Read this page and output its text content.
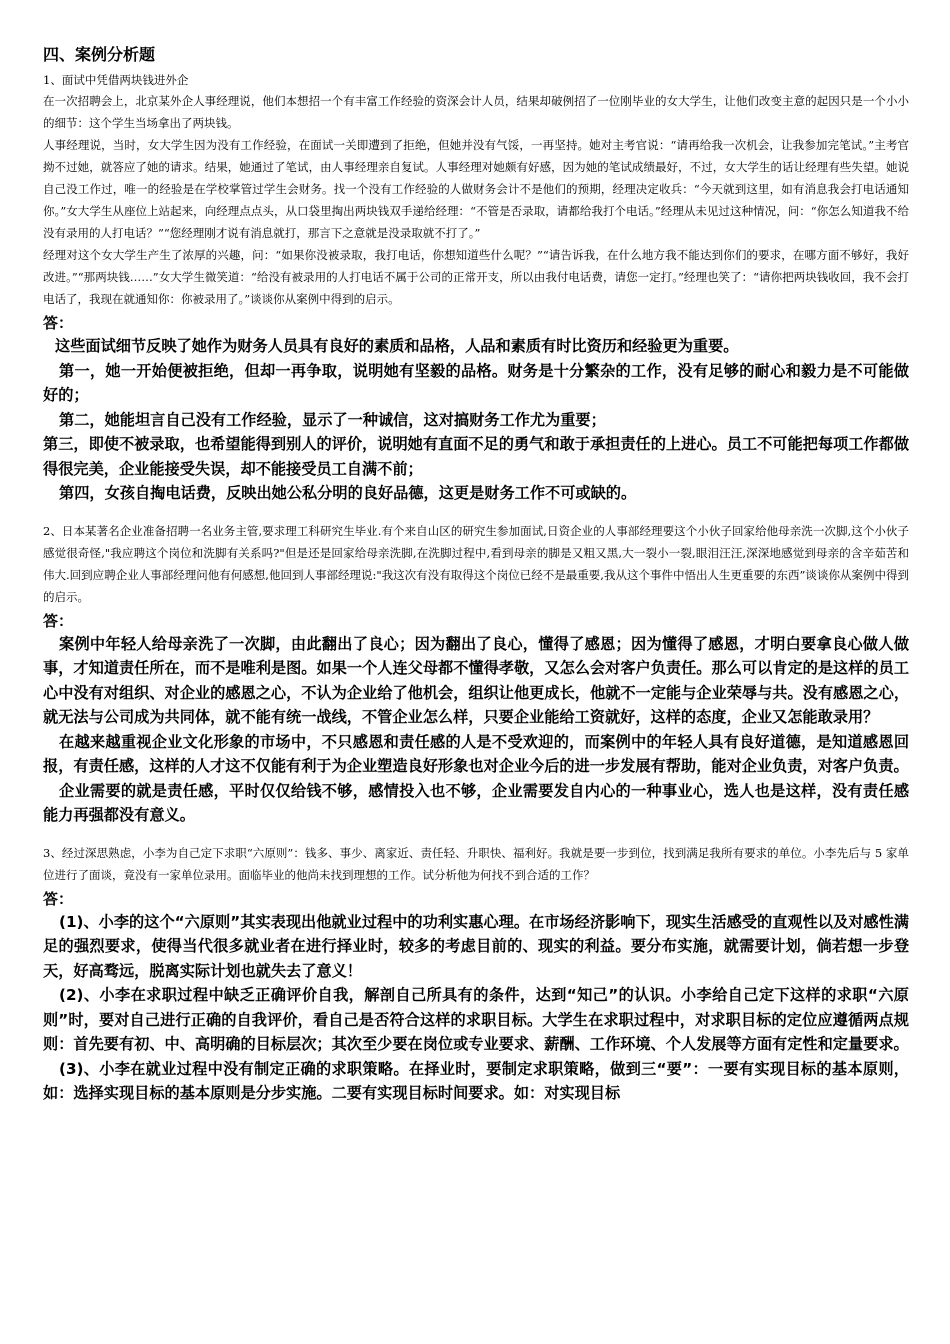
四、案例分析题
1、面试中凭借两块钱进外企

在一次招聘会上，北京某外企人事经理说，他们本想招一个有丰富工作经验的资深会计人员，结果却破例招了一位刚毕业的女大学生，让他们改变主意的起因只是一个小小的细节：这个学生当场拿出了两块钱。

人事经理说，当时，女大学生因为没有工作经验，在面试一关即遭到了拒绝，但她并没有气馁，一再坚持。她对主考官说：“请再给我一次机会，让我参加完笔试。”主考官拗不过她，就答应了她的请求。结果，她通过了笔试，由人事经理亲自复试。人事经理对她颇有好感，因为她的笔试成绩最好，不过，女大学生的话让经理有些失望。她说自己没工作过，唯一的经验是在学校掌管过学生会财务。找一个没有工作经验的人做财务会计不是他们的预期，经理决定收兵：“今天就到这里，如有消息我会打电话通知你。”女大学生从座位上站起来，向经理点点头，从口袋里掏出两块钱双手递给经理：“不管是否录取，请都给我打个电话。”经理从未见过这种情况，问：“你怎么知道我不给没有录用的人打电话？”“您经理刚才说有消息就打，那言下之意就是没录取就不打了。”

经理对这个女大学生产生了浓厚的兴趣，问：“如果你没被录取，我打电话，你想知道些什么呢？”“请告诉我，在什么地方我不能达到你们的要求，在哪方面不够好，我好改进。”“那两块钱……”女大学生微笑道：“给没有被录用的人打电话不属于公司的正常开支，所以由我付电话费，请您一定打。”经理也笑了：“请你把两块钱收回，我不会打电话了，我现在就通知你：你被录用了。”谈谈你从案例中得到的启示。

答：

这些面试细节反映了她作为财务人员具有良好的素质和品格，人品和素质有时比资历和经验更为重要。

第一，她一开始便被拒绝，但却一再争取，说明她有坚毅的品格。财务是十分繁杂的工作，没有足够的耐心和毅力是不可能做好的；

第二，她能坦言自己没有工作经验，显示了一种诚信，这对搞财务工作尤为重要；

第三，即使不被录取，也希望能得到别人的评价，说明她有直面不足的勇气和敢于承担责任的上进心。员工不可能把每项工作都做得很完美，企业能接受失误，却不能接受员工自满不前；

第四，女孩自掏电话费，反映出她公私分明的良好品德，这更是财务工作不可或缺的。

2、日本某著名企业准备招聘一名业务主管,要求理工科研究生毕业.有个来自山区的研究生参加面试,日资企业的人事部经理要这个小伙子回家给他母亲洗一次脚,这个小伙子感觉很奇怪,"我应聘这个岗位和洗脚有关系吗?"但是还是回家给母亲洗脚,在洗脚过程中,看到母亲的脚是又粗又黑,大一裂小一裂,眼泪汪汪,深深地感觉到母亲的含辛茹苦和伟大.回到应聘企业人事部经理问他有何感想,他回到人事部经理说:"我这次有没有取得这个岗位已经不是最重要,我从这个事件中悟出人生更重要的东西”谈谈你从案例中得到的启示。

答：

案例中年轻人给母亲洗了一次脚，由此翻出了良心；因为翻出了良心，懂得了感恩；因为懂得了感恩，才明白要拿良心做人做事，才知道责任所在，而不是唯利是图。如果一个人连父母都不懂得孝敬，又怎么会对客户负责任。那么可以肯定的是这样的员工心中没有对组织、对企业的感恩之心，不认为企业给了他机会，组织让他更成长，他就不一定能与企业荣辱与共。没有感恩之心，就无法与公司成为共同体，就不能有统一战线，不管企业怎么样，只要企业能给工资就好，这样的态度，企业又怎能敢录用？

在越来越重视企业文化形象的市场中，不只感恩和责任感的人是不受欢迎的，而案例中的年轻人具有良好道德，是知道感恩回报，有责任感，这样的人才这不仅能有利于为企业塑造良好形象也对企业今后的进一步发展有帮助，能对企业负责，对客户负责。

企业需要的就是责任感，平时仅仅给钱不够，感情投入也不够，企业需要发自内心的一种事业心，选人也是这样，没有责任感能力再强都没有意义。

3、经过深思熟虑，小李为自己定下求职“六原则”：钱多、事少、离家近、责任轻、升职快、福利好。我就是要一步到位，找到满足我所有要求的单位。小李先后与 5 家单位进行了面谈，竟没有一家单位录用。面临毕业的他尚未找到理想的工作。试分析他为何找不到合适的工作？

答：

(1)、小李的这个“六原则”其实表现出他就业过程中的功利实惠心理。在市场经济影响下，现实生活感受的直观性以及对感性满足的强烈要求，使得当代很多就业者在进行择业时，较多的考虑目前的、现实的利益。要分布实施，就需要计划，倘若想一步登天，好高骛远，脱离实际计划也就失去了意义！

(2)、小李在求职过程中缺乏正确评价自我，解剖自己所具有的条件，达到“知己”的认识。小李给自己定下这样的求职“六原则”时，要对自己进行正确的自我评价，看自己是否符合这样的求职目标。大学生在求职过程中，对求职目标的定位应遵循两点规则：首先要有初、中、高明确的目标层次；其次至少要在岗位或专业要求、薪酬、工作环境、个人发展等方面有定性和定量要求。

(3)、小李在就业过程中没有制定正确的求职策略。在择业时，要制定求职策略，做到三“要”：一要有实现目标的基本原则，如：选择实现目标的基本原则是分步实施。二要有实现目标时间要求。如：对实现目标
